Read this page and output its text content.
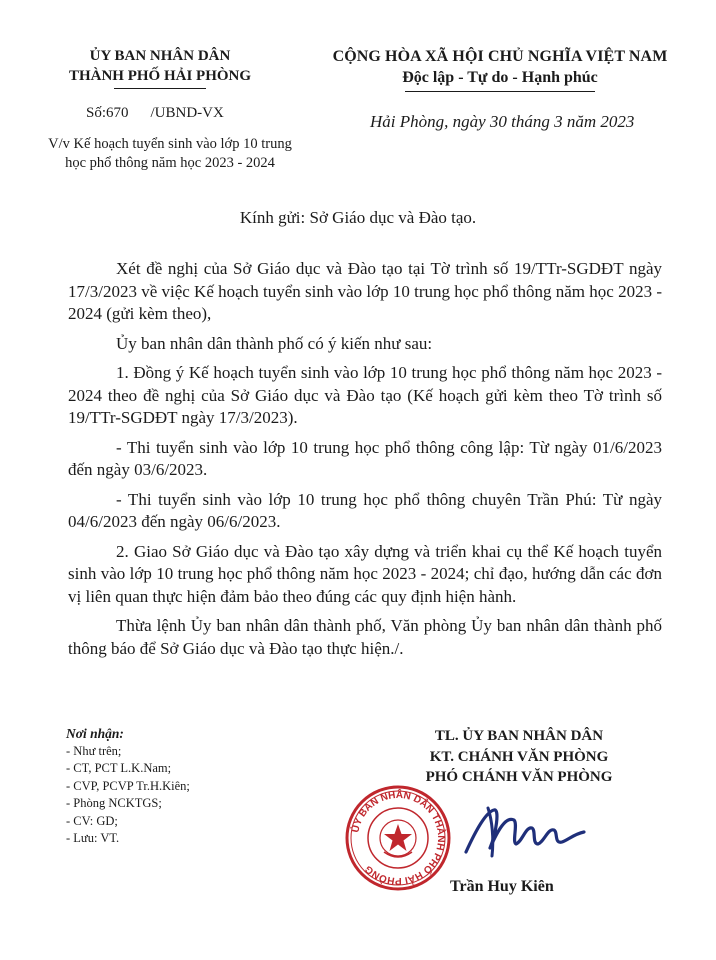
ỦY BAN NHÂN DÂN
THÀNH PHỐ HẢI PHÒNG
CỘNG HÒA XÃ HỘI CHỦ NGHĨA VIỆT NAM
Độc lập - Tự do - Hạnh phúc
Số:670 /UBND-VX	Hải Phòng, ngày 30 tháng 3 năm 2023
V/v Kế hoạch tuyển sinh vào lớp 10 trung
học phổ thông năm học 2023 - 2024
Kính gửi: Sở Giáo dục và Đào tạo.

Xét đề nghị của Sở Giáo dục và Đào tạo tại Tờ trình số 19/TTr-SGDĐT ngày 17/3/2023 về việc Kế hoạch tuyển sinh vào lớp 10 trung học phổ thông năm học 2023 - 2024 (gửi kèm theo),

Ủy ban nhân dân thành phố có ý kiến như sau:

1. Đồng ý Kế hoạch tuyển sinh vào lớp 10 trung học phổ thông năm học 2023 - 2024 theo đề nghị của Sở Giáo dục và Đào tạo (Kế hoạch gửi kèm theo Tờ trình số 19/TTr-SGDĐT ngày 17/3/2023).

- Thi tuyển sinh vào lớp 10 trung học phổ thông công lập: Từ ngày 01/6/2023 đến ngày 03/6/2023.

- Thi tuyển sinh vào lớp 10 trung học phổ thông chuyên Trần Phú: Từ ngày 04/6/2023 đến ngày 06/6/2023.

2. Giao Sở Giáo dục và Đào tạo xây dựng và triển khai cụ thể Kế hoạch tuyển sinh vào lớp 10 trung học phổ thông năm học 2023 - 2024; chỉ đạo, hướng dẫn các đơn vị liên quan thực hiện đảm bảo theo đúng các quy định hiện hành.

Thừa lệnh Ủy ban nhân dân thành phố, Văn phòng Ủy ban nhân dân thành phố thông báo để Sở Giáo dục và Đào tạo thực hiện./.

Nơi nhận:
- Như trên;
- CT, PCT L.K.Nam;
- CVP, PCVP Tr.H.Kiên;
- Phòng NCKTGS;
- CV: GD;
- Lưu: VT.
TL. ỦY BAN NHÂN DÂN
KT. CHÁNH VĂN PHÒNG
PHÓ CHÁNH VĂN PHÒNG
ỦY BAN NHÂN DÂN THÀNH PHỐ HẢI PHÒNG
Trần Huy Kiên
